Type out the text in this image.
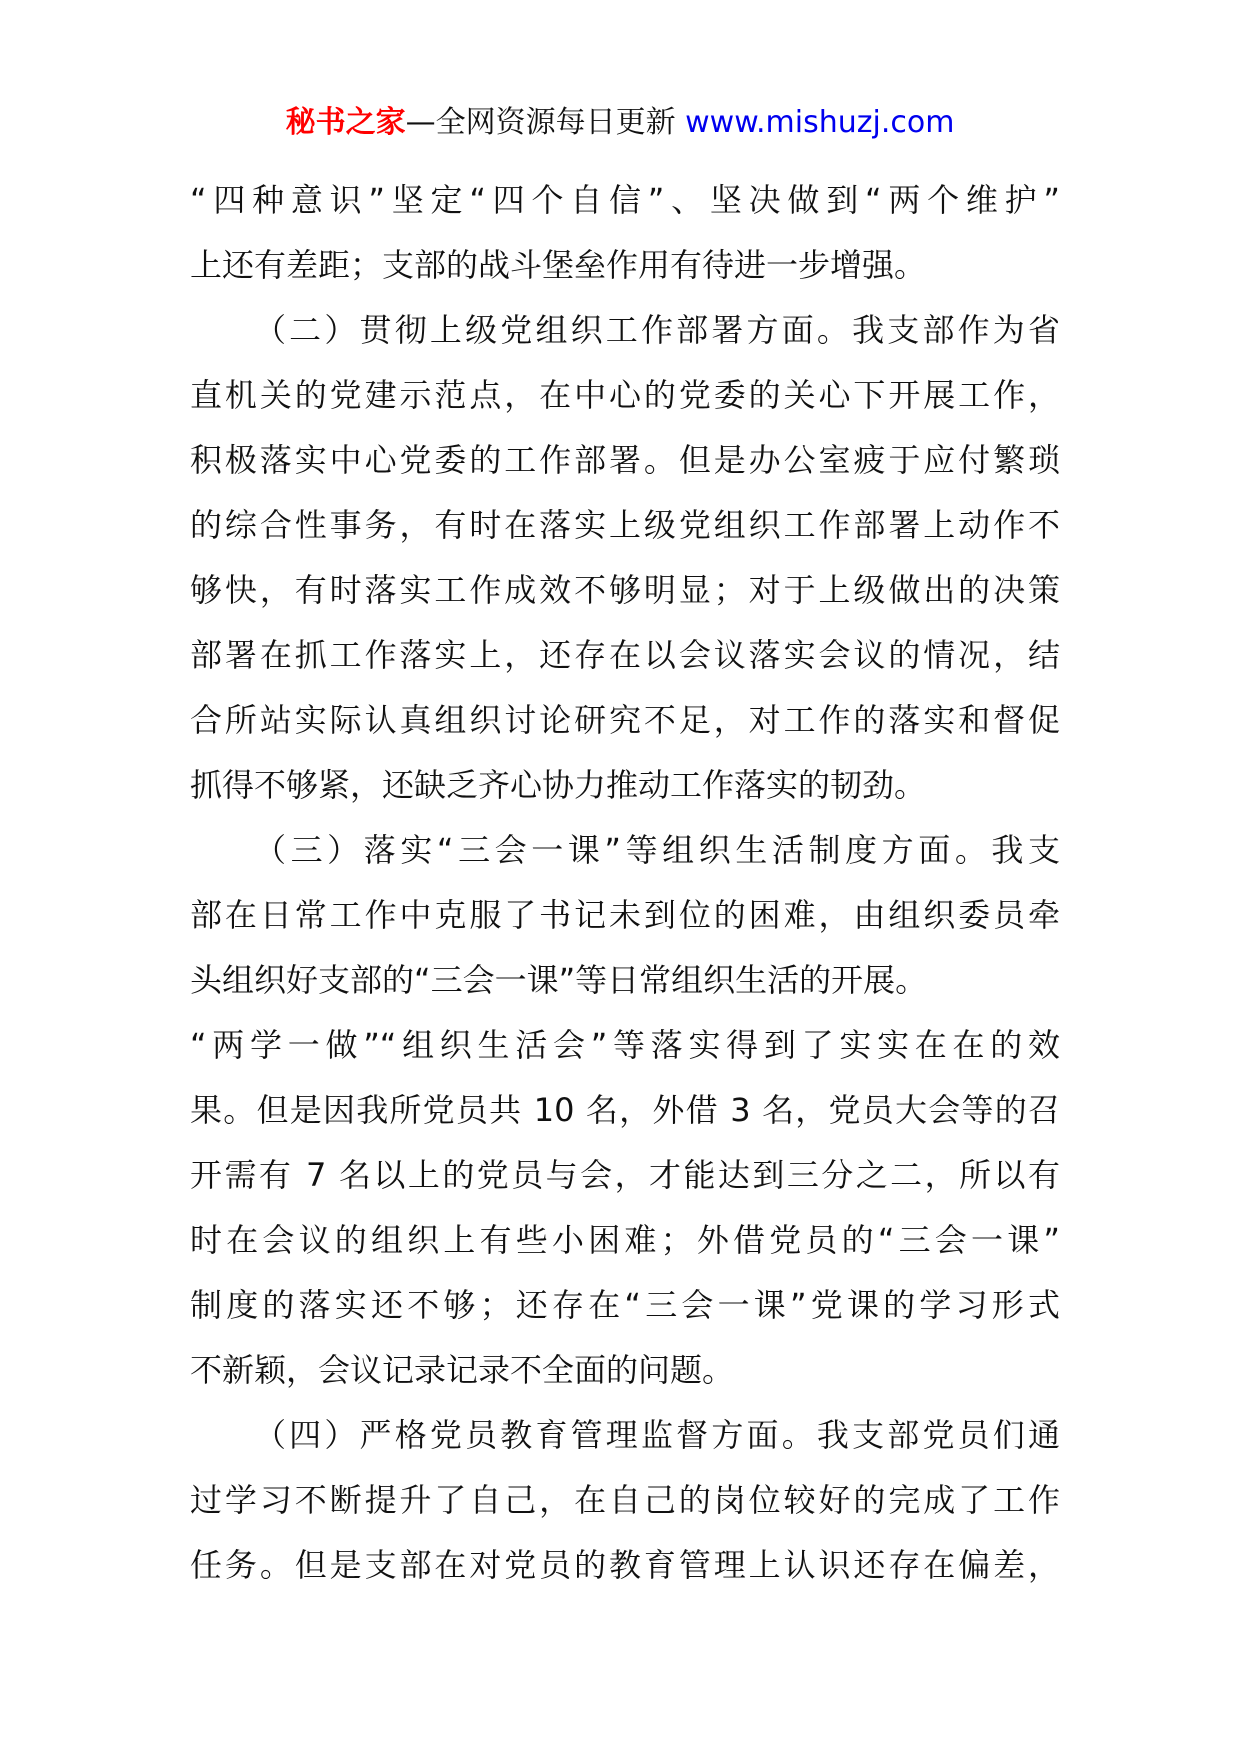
秘书之家—全网资源每日更新 www.mishuzj.com
“四种意识”坚定“四个自信”、坚决做到“两个维护”
上还有差距；支部的战斗堡垒作用有待进一步增强。
（二）贯彻上级党组织工作部署方面。我支部作为省
直机关的党建示范点，在中心的党委的关心下开展工作，
积极落实中心党委的工作部署。但是办公室疲于应付繁琐
的综合性事务，有时在落实上级党组织工作部署上动作不
够快，有时落实工作成效不够明显；对于上级做出的决策
部署在抓工作落实上，还存在以会议落实会议的情况，结
合所站实际认真组织讨论研究不足，对工作的落实和督促
抓得不够紧，还缺乏齐心协力推动工作落实的韧劲。
（三）落实“三会一课”等组织生活制度方面。我支
部在日常工作中克服了书记未到位的困难，由组织委员牵
头组织好支部的“三会一课”等日常组织生活的开展。
“两学一做”“组织生活会”等落实得到了实实在在的效
果。但是因我所党员共 10 名，外借 3 名，党员大会等的召
开需有 7 名以上的党员与会，才能达到三分之二，所以有
时在会议的组织上有些小困难；外借党员的“三会一课”
制度的落实还不够；还存在“三会一课”党课的学习形式
不新颖，会议记录记录不全面的问题。
（四）严格党员教育管理监督方面。我支部党员们通
过学习不断提升了自己，在自己的岗位较好的完成了工作
任务。但是支部在对党员的教育管理上认识还存在偏差，
